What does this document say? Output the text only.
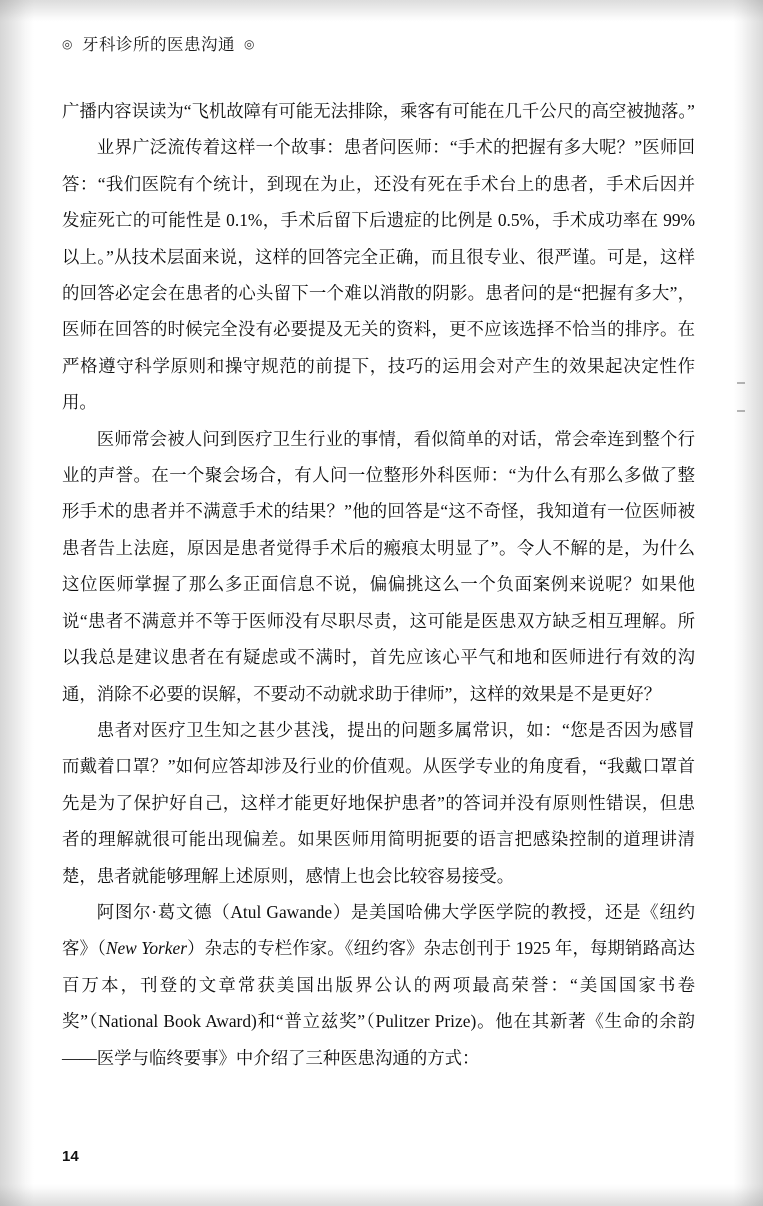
◎ 牙科诊所的医患沟通 ◎

广播内容误读为“飞机故障有可能无法排除，乘客有可能在几千公尺的高空被抛落。”

业界广泛流传着这样一个故事：患者问医师：“手术的把握有多大呢？”医师回答：“我们医院有个统计，到现在为止，还没有死在手术台上的患者，手术后因并发症死亡的可能性是 0.1%，手术后留下后遗症的比例是 0.5%，手术成功率在 99% 以上。”从技术层面来说，这样的回答完全正确，而且很专业、很严谨。可是，这样的回答必定会在患者的心头留下一个难以消散的阴影。患者问的是“把握有多大”，医师在回答的时候完全没有必要提及无关的资料，更不应该选择不恰当的排序。在严格遵守科学原则和操守规范的前提下，技巧的运用会对产生的效果起决定性作用。

医师常会被人问到医疗卫生行业的事情，看似简单的对话，常会牵连到整个行业的声誉。在一个聚会场合，有人问一位整形外科医师：“为什么有那么多做了整形手术的患者并不满意手术的结果？”他的回答是“这不奇怪，我知道有一位医师被患者告上法庭，原因是患者觉得手术后的瘢痕太明显了”。令人不解的是，为什么这位医师掌握了那么多正面信息不说，偏偏挑这么一个负面案例来说呢？如果他说“患者不满意并不等于医师没有尽职尽责，这可能是医患双方缺乏相互理解。所以我总是建议患者在有疑虑或不满时，首先应该心平气和地和医师进行有效的沟通，消除不必要的误解，不要动不动就求助于律师”，这样的效果是不是更好？

患者对医疗卫生知之甚少甚浅，提出的问题多属常识，如：“您是否因为感冒而戴着口罩？”如何应答却涉及行业的价值观。从医学专业的角度看，“我戴口罩首先是为了保护好自己，这样才能更好地保护患者”的答词并没有原则性错误，但患者的理解就很可能出现偏差。如果医师用简明扼要的语言把感染控制的道理讲清楚，患者就能够理解上述原则，感情上也会比较容易接受。

阿图尔·葛文德（Atul Gawande）是美国哈佛大学医学院的教授，还是《纽约客》（New Yorker）杂志的专栏作家。《纽约客》杂志创刊于 1925 年，每期销路高达百万本，刊登的文章常获美国出版界公认的两项最高荣誉：“美国国家书卷奖”（National Book Award)和“普立兹奖”（Pulitzer Prize)。他在其新著《生命的余韵——医学与临终要事》中介绍了三种医患沟通的方式：

14
